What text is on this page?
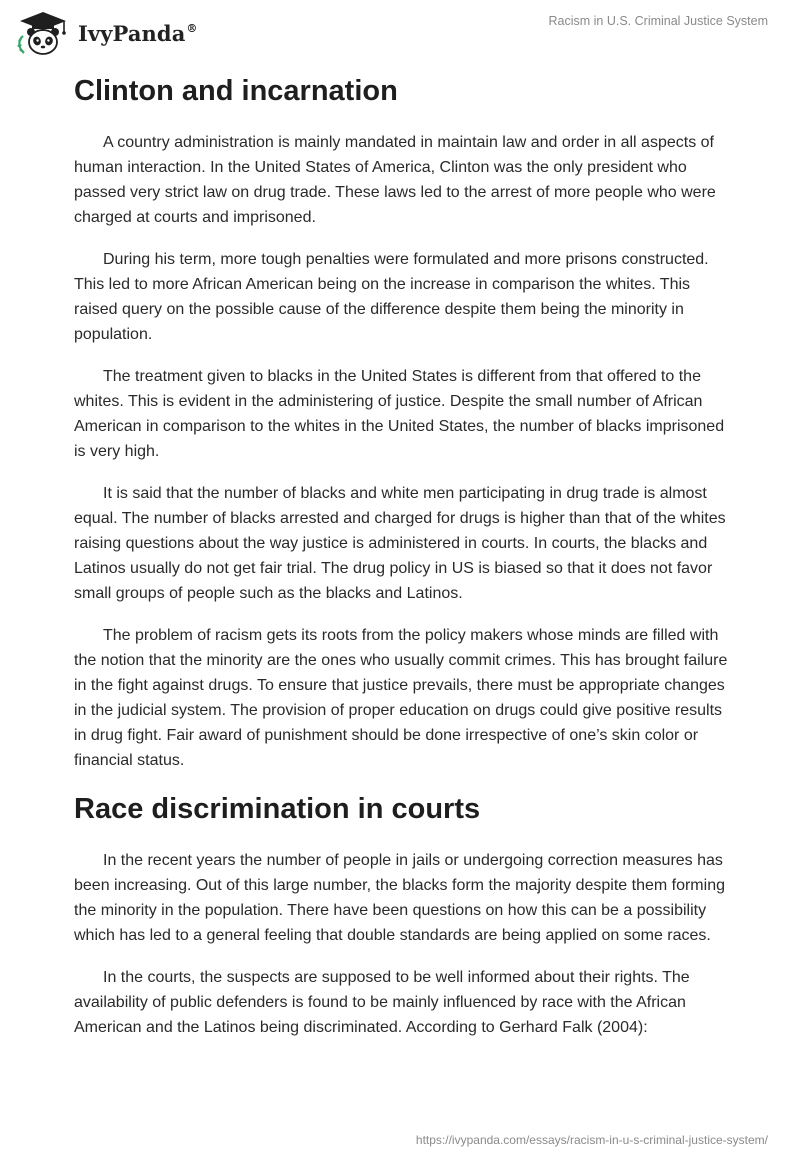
IvyPanda®	Racism in U.S. Criminal Justice System
Clinton and incarnation

A country administration is mainly mandated in maintain law and order in all aspects of human interaction. In the United States of America, Clinton was the only president who passed very strict law on drug trade. These laws led to the arrest of more people who were charged at courts and imprisoned.

During his term, more tough penalties were formulated and more prisons constructed. This led to more African American being on the increase in comparison the whites. This raised query on the possible cause of the difference despite them being the minority in population.

The treatment given to blacks in the United States is different from that offered to the whites. This is evident in the administering of justice. Despite the small number of African American in comparison to the whites in the United States, the number of blacks imprisoned is very high.

It is said that the number of blacks and white men participating in drug trade is almost equal. The number of blacks arrested and charged for drugs is higher than that of the whites raising questions about the way justice is administered in courts. In courts, the blacks and Latinos usually do not get fair trial. The drug policy in US is biased so that it does not favor small groups of people such as the blacks and Latinos.

The problem of racism gets its roots from the policy makers whose minds are filled with the notion that the minority are the ones who usually commit crimes. This has brought failure in the fight against drugs. To ensure that justice prevails, there must be appropriate changes in the judicial system. The provision of proper education on drugs could give positive results in drug fight. Fair award of punishment should be done irrespective of one’s skin color or financial status.

Race discrimination in courts

In the recent years the number of people in jails or undergoing correction measures has been increasing. Out of this large number, the blacks form the majority despite them forming the minority in the population. There have been questions on how this can be a possibility which has led to a general feeling that double standards are being applied on some races.

In the courts, the suspects are supposed to be well informed about their rights. The availability of public defenders is found to be mainly influenced by race with the African American and the Latinos being discriminated. According to Gerhard Falk (2004):

https://ivypanda.com/essays/racism-in-u-s-criminal-justice-system/
